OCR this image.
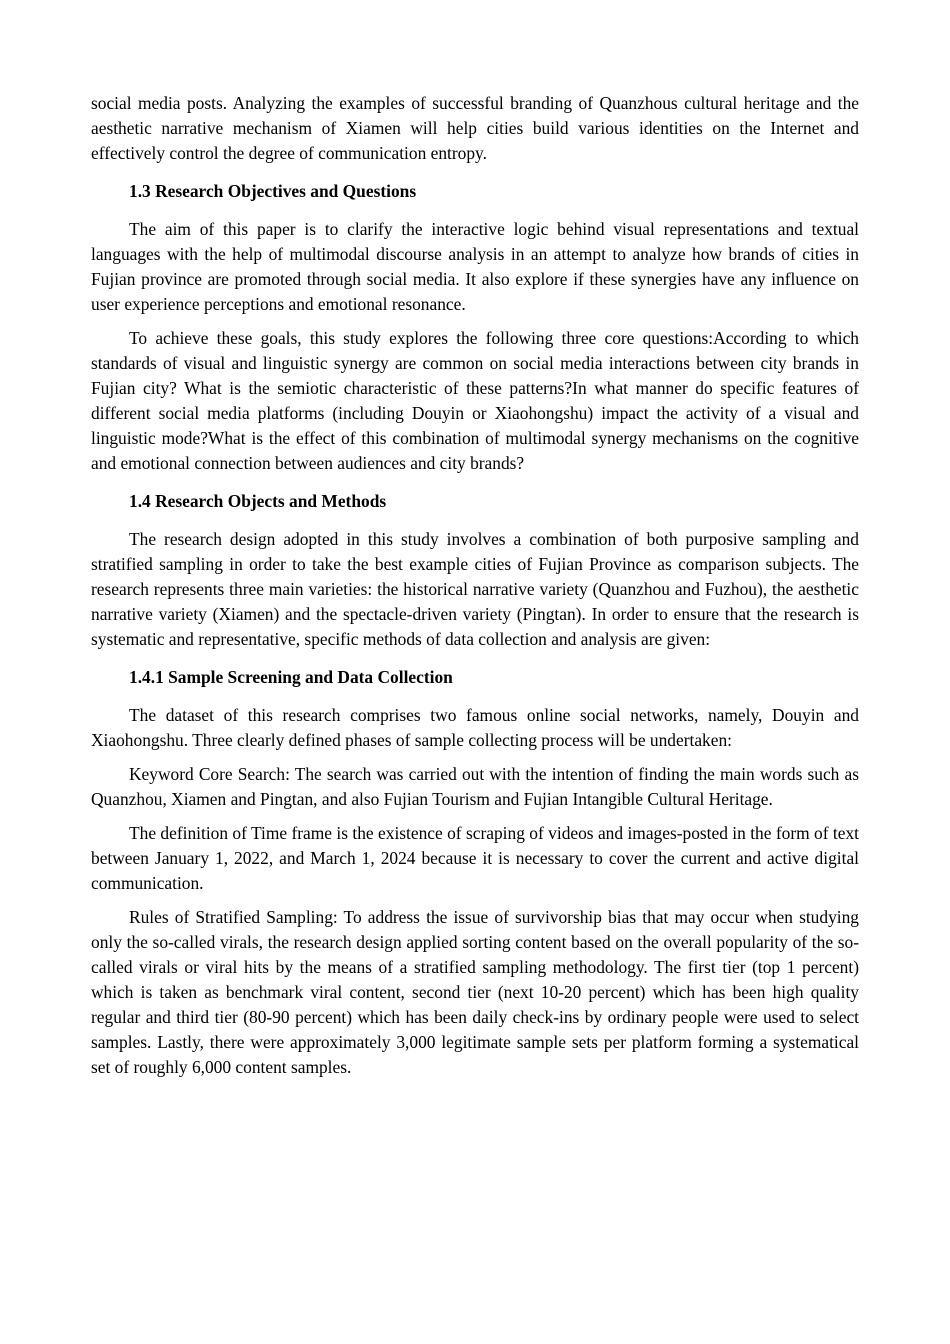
social media posts. Analyzing the examples of successful branding of Quanzhous cultural heritage and the aesthetic narrative mechanism of Xiamen will help cities build various identities on the Internet and effectively control the degree of communication entropy.

1.3 Research Objectives and Questions

The aim of this paper is to clarify the interactive logic behind visual representations and textual languages with the help of multimodal discourse analysis in an attempt to analyze how brands of cities in Fujian province are promoted through social media. It also explore if these synergies have any influence on user experience perceptions and emotional resonance.

To achieve these goals, this study explores the following three core questions:According to which standards of visual and linguistic synergy are common on social media interactions between city brands in Fujian city? What is the semiotic characteristic of these patterns?In what manner do specific features of different social media platforms (including Douyin or Xiaohongshu) impact the activity of a visual and linguistic mode?What is the effect of this combination of multimodal synergy mechanisms on the cognitive and emotional connection between audiences and city brands?

1.4 Research Objects and Methods

The research design adopted in this study involves a combination of both purposive sampling and stratified sampling in order to take the best example cities of Fujian Province as comparison subjects. The research represents three main varieties: the historical narrative variety (Quanzhou and Fuzhou), the aesthetic narrative variety (Xiamen) and the spectacle-driven variety (Pingtan). In order to ensure that the research is systematic and representative, specific methods of data collection and analysis are given:

1.4.1 Sample Screening and Data Collection

The dataset of this research comprises two famous online social networks, namely, Douyin and Xiaohongshu. Three clearly defined phases of sample collecting process will be undertaken:

Keyword Core Search: The search was carried out with the intention of finding the main words such as Quanzhou, Xiamen and Pingtan, and also Fujian Tourism and Fujian Intangible Cultural Heritage.

The definition of Time frame is the existence of scraping of videos and images-posted in the form of text between January 1, 2022, and March 1, 2024 because it is necessary to cover the current and active digital communication.

Rules of Stratified Sampling: To address the issue of survivorship bias that may occur when studying only the so-called virals, the research design applied sorting content based on the overall popularity of the so-called virals or viral hits by the means of a stratified sampling methodology. The first tier (top 1 percent) which is taken as benchmark viral content, second tier (next 10-20 percent) which has been high quality regular and third tier (80-90 percent) which has been daily check-ins by ordinary people were used to select samples. Lastly, there were approximately 3,000 legitimate sample sets per platform forming a systematical set of roughly 6,000 content samples.
